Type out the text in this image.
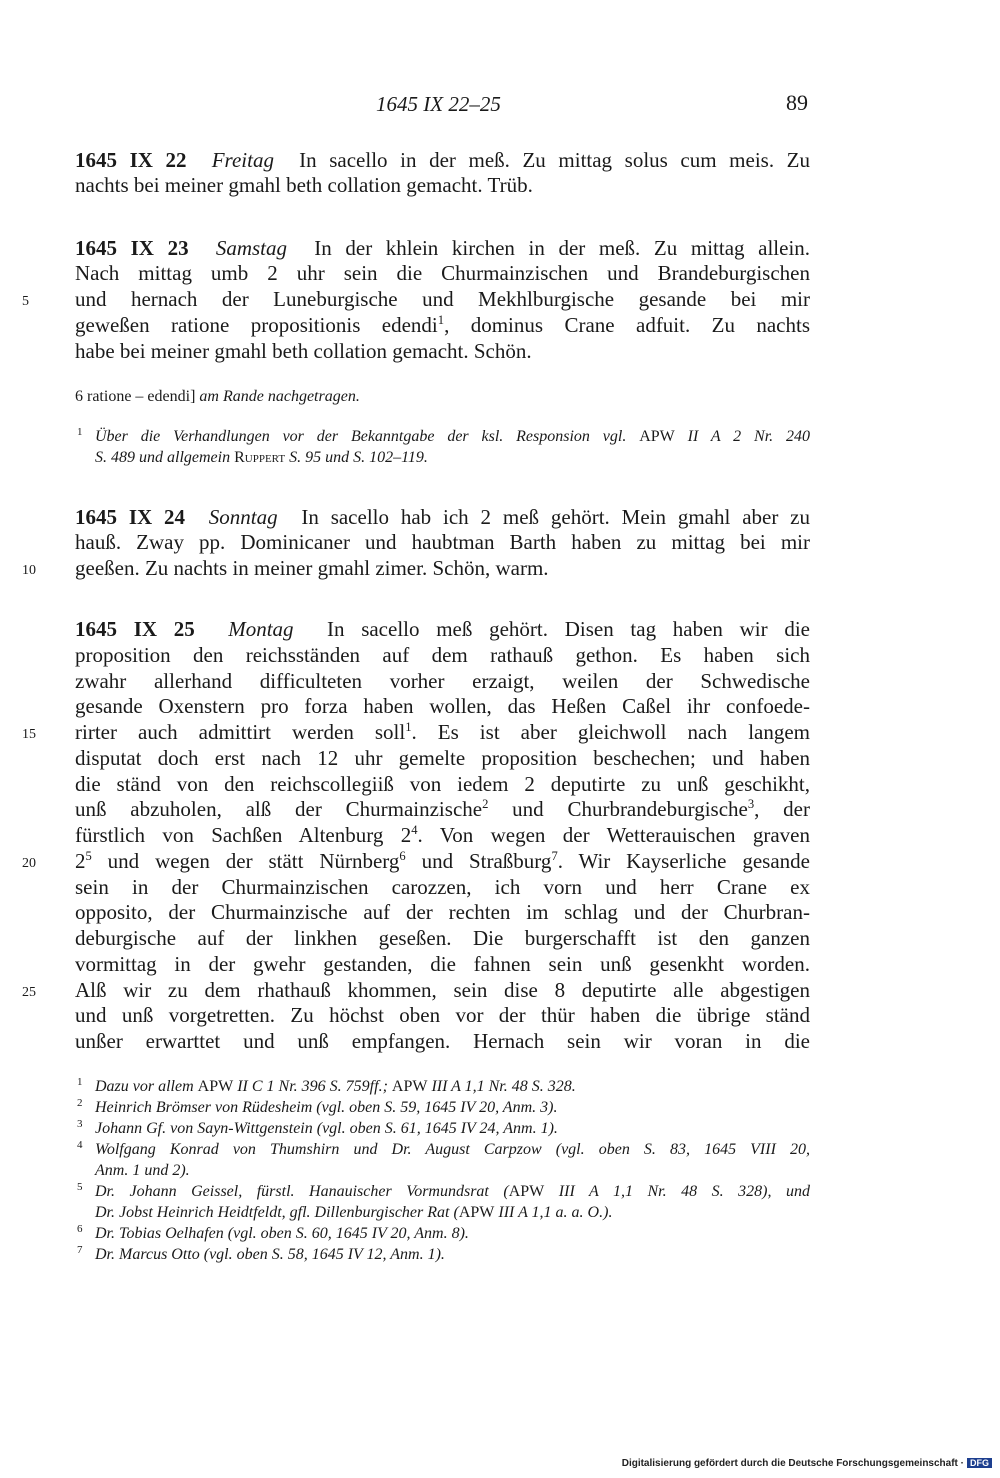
1645 IX 22–25	89
1645 IX 22 Freitag In sacello in der meß. Zu mittag solus cum meis. Zu
nachts bei meiner gmahl beth collation gemacht. Trüb.
1645 IX 23 Samstag In der khlein kirchen in der meß. Zu mittag allein.
Nach mittag umb 2 uhr sein die Churmainzischen und Brandeburgischen
und hernach der Luneburgische und Mekhlburgische gesande bei mir
geweßen ratione propositionis edendi$^1$, dominus Crane adfuit. Zu nachts
habe bei meiner gmahl beth collation gemacht. Schön.
5
6 ratione – edendi] am Rande nachgetragen.
1 Über die Verhandlungen vor der Bekanntgabe der ksl. Responsion vgl. APW II A 2 Nr. 240
S. 489 und allgemein Ruppert S. 95 und S. 102–119.
1645 IX 24 Sonntag In sacello hab ich 2 meß gehört. Mein gmahl aber zu
hauß. Zway pp. Dominicaner und haubtman Barth haben zu mittag bei mir
geeßen. Zu nachts in meiner gmahl zimer. Schön, warm.
10
1645 IX 25 Montag In sacello meß gehört. Disen tag haben wir die
proposition den reichsständen auf dem rathauß gethon. Es haben sich
zwahr allerhand difficulteten vorher erzaigt, weilen der Schwedische
gesande Oxenstern pro forza haben wollen, das Heßen Caßel ihr confoede-
rirter auch admittirt werden soll$^1$. Es ist aber gleichwoll nach langem
disputat doch erst nach 12 uhr gemelte proposition beschechen; und haben
die ständ von den reichscollegiiß von iedem 2 deputirte zu unß geschikht,
unß abzuholen, alß der Churmainzische$^2$ und Churbrandeburgische$^3$, der
fürstlich von Sachßen Altenburg $2^4$. Von wegen der Wetterauischen graven
$2^5$ und wegen der stätt Nürnberg$^6$ und Straßburg$^7$. Wir Kayserliche gesande
sein in der Churmainzischen carozzen, ich vorn und herr Crane ex
opposito, der Churmainzische auf der rechten im schlag und der Churbran-
deburgische auf der linkhen geseßen. Die burgerschafft ist den ganzen
vormittag in der gwehr gestanden, die fahnen sein unß gesenkht worden.
Alß wir zu dem rhathauß khommen, sein dise 8 deputirte alle abgestigen
und unß vorgetretten. Zu höchst oben vor der thür haben die übrige ständ
unßer erwarttet und unß empfangen. Hernach sein wir voran in die
15
20
25
1 Dazu vor allem APW II C 1 Nr. 396 S. 759ff.; APW III A 1,1 Nr. 48 S. 328.
2 Heinrich Brömser von Rüdesheim (vgl. oben S. 59, 1645 IV 20, Anm. 3).
3 Johann Gf. von Sayn-Wittgenstein (vgl. oben S. 61, 1645 IV 24, Anm. 1).
4 Wolfgang Konrad von Thumshirn und Dr. August Carpzow (vgl. oben S. 83, 1645 VIII 20,
Anm. 1 und 2).
5 Dr. Johann Geissel, fürstl. Hanauischer Vormundsrat (APW III A 1,1 Nr. 48 S. 328), und
Dr. Jobst Heinrich Heidtfeldt, gfl. Dillenburgischer Rat (APW III A 1,1 a. a. O.).
6 Dr. Tobias Oelhafen (vgl. oben S. 60, 1645 IV 20, Anm. 8).
7 Dr. Marcus Otto (vgl. oben S. 58, 1645 IV 12, Anm. 1).
Digitalisierung gefördert durch die Deutsche Forschungsgemeinschaft · DFG
